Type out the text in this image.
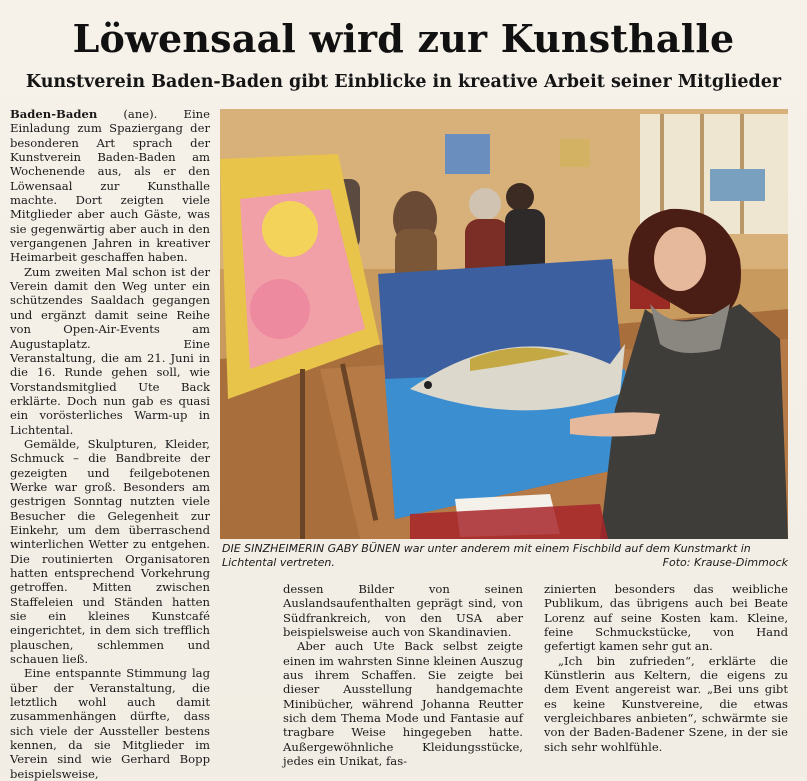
Löwensaal wird zur Kunsthalle
Kunstverein Baden-Baden gibt Einblicke in kreative Arbeit seiner Mitglieder

Baden-Baden (ane). Eine Einladung zum Spaziergang der besonderen Art sprach der Kunstverein Baden-Baden am Wochenende aus, als er den Löwensaal zur Kunsthalle machte. Dort zeigten viele Mitglieder aber auch Gäste, was sie gegenwärtig aber auch in den vergangenen Jahren in kreativer Heimarbeit geschaffen haben.

Zum zweiten Mal schon ist der Verein damit den Weg unter ein schützendes Saaldach gegangen und ergänzt damit seine Reihe von Open-Air-Events am Augustaplatz. Eine Veranstaltung, die am 21. Juni in die 16. Runde gehen soll, wie Vorstandsmitglied Ute Back erklärte. Doch nun gab es quasi ein vorösterliches Warm-up in Lichtental.

Gemälde, Skulpturen, Kleider, Schmuck – die Bandbreite der gezeigten und feilgebotenen Werke war groß. Besonders am gestrigen Sonntag nutzten viele Besucher die Gelegenheit zur Einkehr, um dem überraschend winterlichen Wetter zu entgehen. Die routinierten Organisatoren hatten entsprechend Vorkehrung getroffen. Mitten zwischen Staffeleien und Ständen hatten sie ein kleines Kunstcafé eingerichtet, in dem sich trefflich plauschen, schlemmen und schauen ließ.

Eine entspannte Stimmung lag über der Veranstaltung, die letztlich wohl auch damit zusammenhängen dürfte, dass sich viele der Aussteller bestens kennen, da sie Mitglieder im Verein sind wie Gerhard Bopp beispielsweise,

DIE SINZHEIMERIN GABY BÜNEN war unter anderem mit einem Fischbild auf dem Kunstmarkt in Lichtental vertreten.	Foto: Krause-Dimmock

dessen Bilder von seinen Auslandsaufenthalten geprägt sind, von Südfrankreich, von den USA aber beispielsweise auch von Skandinavien.

Aber auch Ute Back selbst zeigte einen im wahrsten Sinne kleinen Auszug aus ihrem Schaffen. Sie zeigte bei dieser Ausstellung handgemachte Minibücher, während Johanna Reutter sich dem Thema Mode und Fantasie auf tragbare Weise hingegeben hatte. Außergewöhnliche Kleidungsstücke, jedes ein Unikat, fas-

zinierten besonders das weibliche Publikum, das übrigens auch bei Beate Lorenz auf seine Kosten kam. Kleine, feine Schmuckstücke, von Hand gefertigt kamen sehr gut an.

„Ich bin zufrieden“, erklärte die Künstlerin aus Keltern, die eigens zu dem Event angereist war. „Bei uns gibt es keine Kunstvereine, die etwas vergleichbares anbieten“, schwärmte sie von der Baden-Badener Szene, in der sie sich sehr wohlfühle.
